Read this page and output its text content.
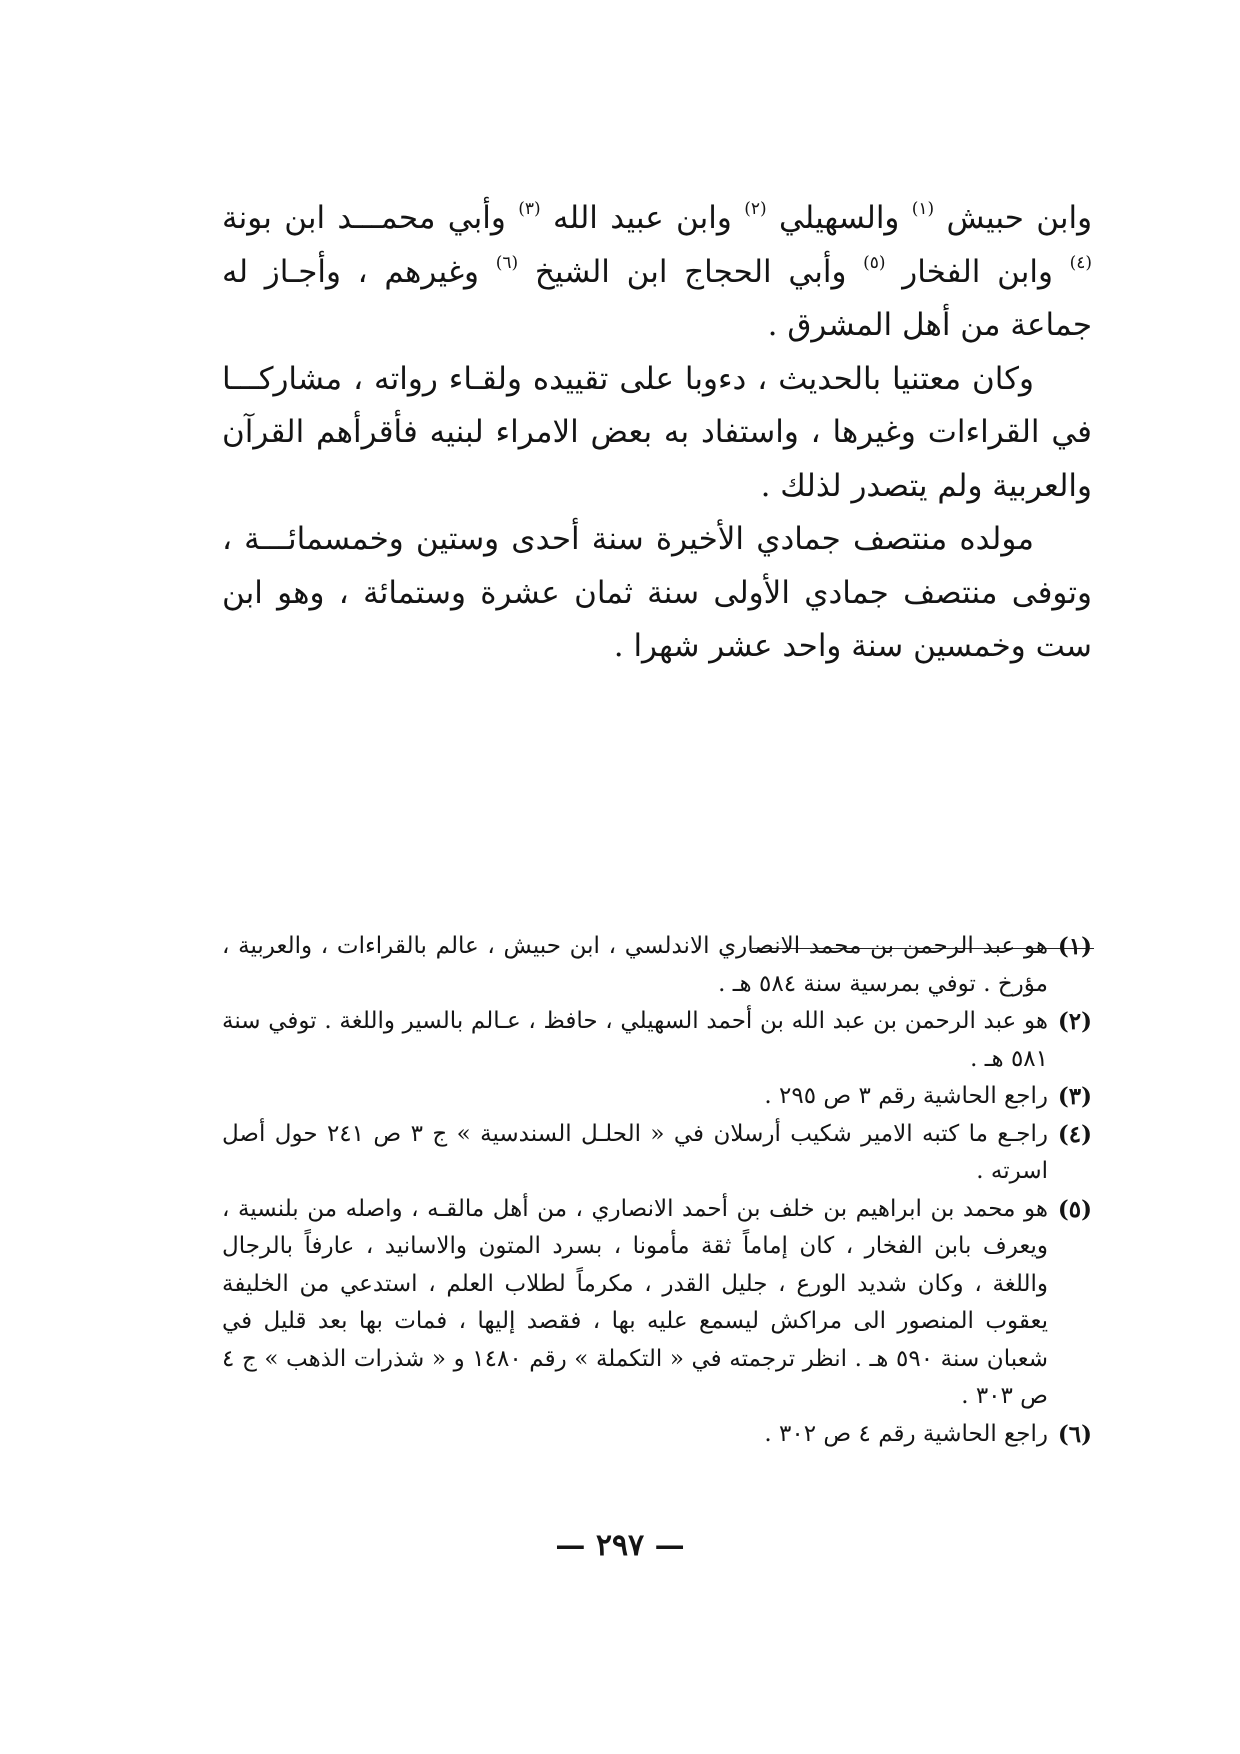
وابن حبيش $^{(١)}$ والسهيلي $^{(٢)}$ وابن عبيد الله $^{(٣)}$ وأبي محمـــد ابن بونة $^{(٤)}$ وابن الفخار $^{(٥)}$ وأبي الحجاج ابن الشيخ $^{(٦)}$ وغيرهم ، وأجـاز له جماعة من أهل المشرق .

وكان معتنيا بالحديث ، دءوبا على تقييده ولقـاء رواته ، مشاركـــا في القراءات وغيرها ، واستفاد به بعض الامراء لبنيه فأقرأهم القرآن والعربية ولم يتصدر لذلك .

مولده منتصف جمادي الأخيرة سنة أحدى وستين وخمسمائـــة ، وتوفى منتصف جمادي الأولى سنة ثمان عشرة وستمائة ، وهو ابن ست وخمسين سنة واحد عشر شهرا .

(١)
هو عبد الرحمن بن محمد الانصاري الاندلسي ، ابن حبيش ، عالم بالقراءات ، والعربية ، مؤرخ . توفي بمرسية سنة ٥٨٤ هـ .

(٢)
هو عبد الرحمن بن عبد الله بن أحمد السهيلي ، حافظ ، عـالم بالسير واللغة . توفي سنة ٥٨١ هـ .

(٣)
راجع الحاشية رقم ٣ ص ٢٩٥ .

(٤)
راجـع ما كتبه الامير شكيب أرسلان في « الحلـل السندسية » ج ٣ ص ٢٤١ حول أصل اسرته .

(٥)
هو محمد بن ابراهيم بن خلف بن أحمد الانصاري ، من أهل مالقـه ، واصله من بلنسية ، ويعرف بابن الفخار ، كان إماماً ثقة مأمونا ، بسرد المتون والاسانيد ، عارفاً بالرجال واللغة ، وكان شديد الورع ، جليل القدر ، مكرماً لطلاب العلم ، استدعي من الخليفة يعقوب المنصور الى مراكش ليسمع عليه بها ، فقصد إليها ، فمات بها بعد قليل في شعبان سنة ٥٩٠ هـ . انظر ترجمته في « التكملة » رقم ١٤٨٠ و « شذرات الذهب » ج ٤ ص ٣٠٣ .

(٦)
راجع الحاشية رقم ٤ ص ٣٠٢ .

— ٢٩٧ —
